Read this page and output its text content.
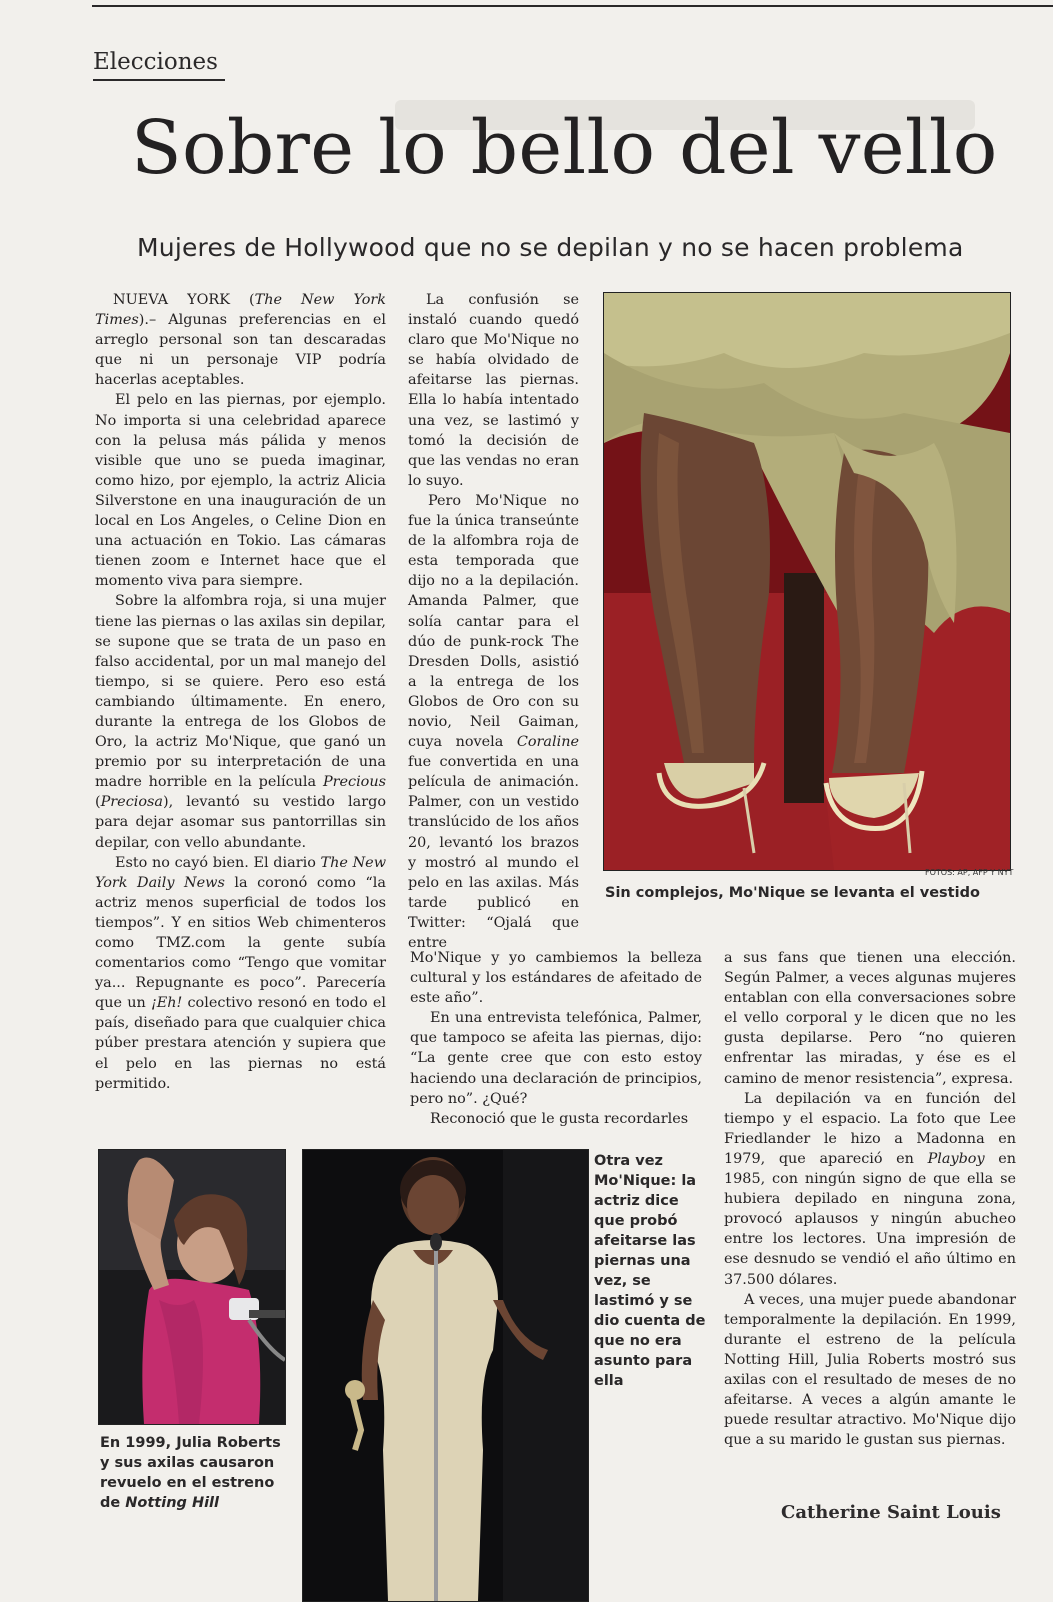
Elecciones
Sobre lo bello del vello
Mujeres de Hollywood que no se depilan y no se hacen problema

NUEVA YORK (The New York Times).– Algunas preferencias en el arreglo personal son tan descaradas que ni un personaje VIP podría hacerlas aceptables.

El pelo en las piernas, por ejemplo. No importa si una celebridad aparece con la pelusa más pálida y menos visible que uno se pueda imaginar, como hizo, por ejemplo, la actriz Alicia Silverstone en una inauguración de un local en Los Angeles, o Celine Dion en una actuación en Tokio. Las cámaras tienen zoom e Internet hace que el momento viva para siempre.

Sobre la alfombra roja, si una mujer tiene las piernas o las axilas sin depilar, se supone que se trata de un paso en falso accidental, por un mal manejo del tiempo, si se quiere. Pero eso está cambiando últimamente. En enero, durante la entrega de los Globos de Oro, la actriz Mo'Nique, que ganó un premio por su interpretación de una madre horrible en la película Precious (Preciosa), levantó su vestido largo para dejar asomar sus pantorrillas sin depilar, con vello abundante.

Esto no cayó bien. El diario The New York Daily News la coronó como “la actriz menos superficial de todos los tiempos”. Y en sitios Web chimenteros como TMZ.com la gente subía comentarios como “Tengo que vomitar ya... Repugnante es poco”. Parecería que un ¡Eh! colectivo resonó en todo el país, diseñado para que cualquier chica púber prestara atención y supiera que el pelo en las piernas no está permitido.

La confusión se instaló cuando quedó claro que Mo'Nique no se había olvidado de afeitarse las piernas. Ella lo había intentado una vez, se lastimó y tomó la decisión de que las vendas no eran lo suyo.

Pero Mo'Nique no fue la única transeúnte de la alfombra roja de esta temporada que dijo no a la depilación. Amanda Palmer, que solía cantar para el dúo de punk-rock The Dresden Dolls, asistió a la entrega de los Globos de Oro con su novio, Neil Gaiman, cuya novela Coraline fue convertida en una película de animación. Palmer, con un vestido translúcido de los años 20, levantó los brazos y mostró al mundo el pelo en las axilas. Más tarde publicó en Twitter: “Ojalá que entre

Mo'Nique y yo cambiemos la belleza cultural y los estándares de afeitado de este año”.

En una entrevista telefónica, Palmer, que tampoco se afeita las piernas, dijo: “La gente cree que con esto estoy haciendo una declaración de principios, pero no”. ¿Qué?

Reconoció que le gusta recordarles

a sus fans que tienen una elección. Según Palmer, a veces algunas mujeres entablan con ella conversaciones sobre el vello corporal y le dicen que no les gusta depilarse. Pero “no quieren enfrentar las miradas, y ése es el camino de menor resistencia”, expresa.

La depilación va en función del tiempo y el espacio. La foto que Lee Friedlander le hizo a Madonna en 1979, que apareció en Playboy en 1985, con ningún signo de que ella se hubiera depilado en ninguna zona, provocó aplausos y ningún abucheo entre los lectores. Una impresión de ese desnudo se vendió el año último en 37.500 dólares.

A veces, una mujer puede abandonar temporalmente la depilación. En 1999, durante el estreno de la película Notting Hill, Julia Roberts mostró sus axilas con el resultado de meses de no afeitarse. A veces a algún amante le puede resultar atractivo. Mo'Nique dijo que a su marido le gustan sus piernas.

FOTOS: AP, AFP Y NYT
Sin complejos, Mo'Nique se levanta el vestido
En 1999, Julia Roberts y sus axilas causaron revuelo en el estreno de Notting Hill
Otra vez Mo'Nique: la actriz dice que probó afeitarse las piernas una vez, se lastimó y se dio cuenta de que no era asunto para ella
Catherine Saint Louis
